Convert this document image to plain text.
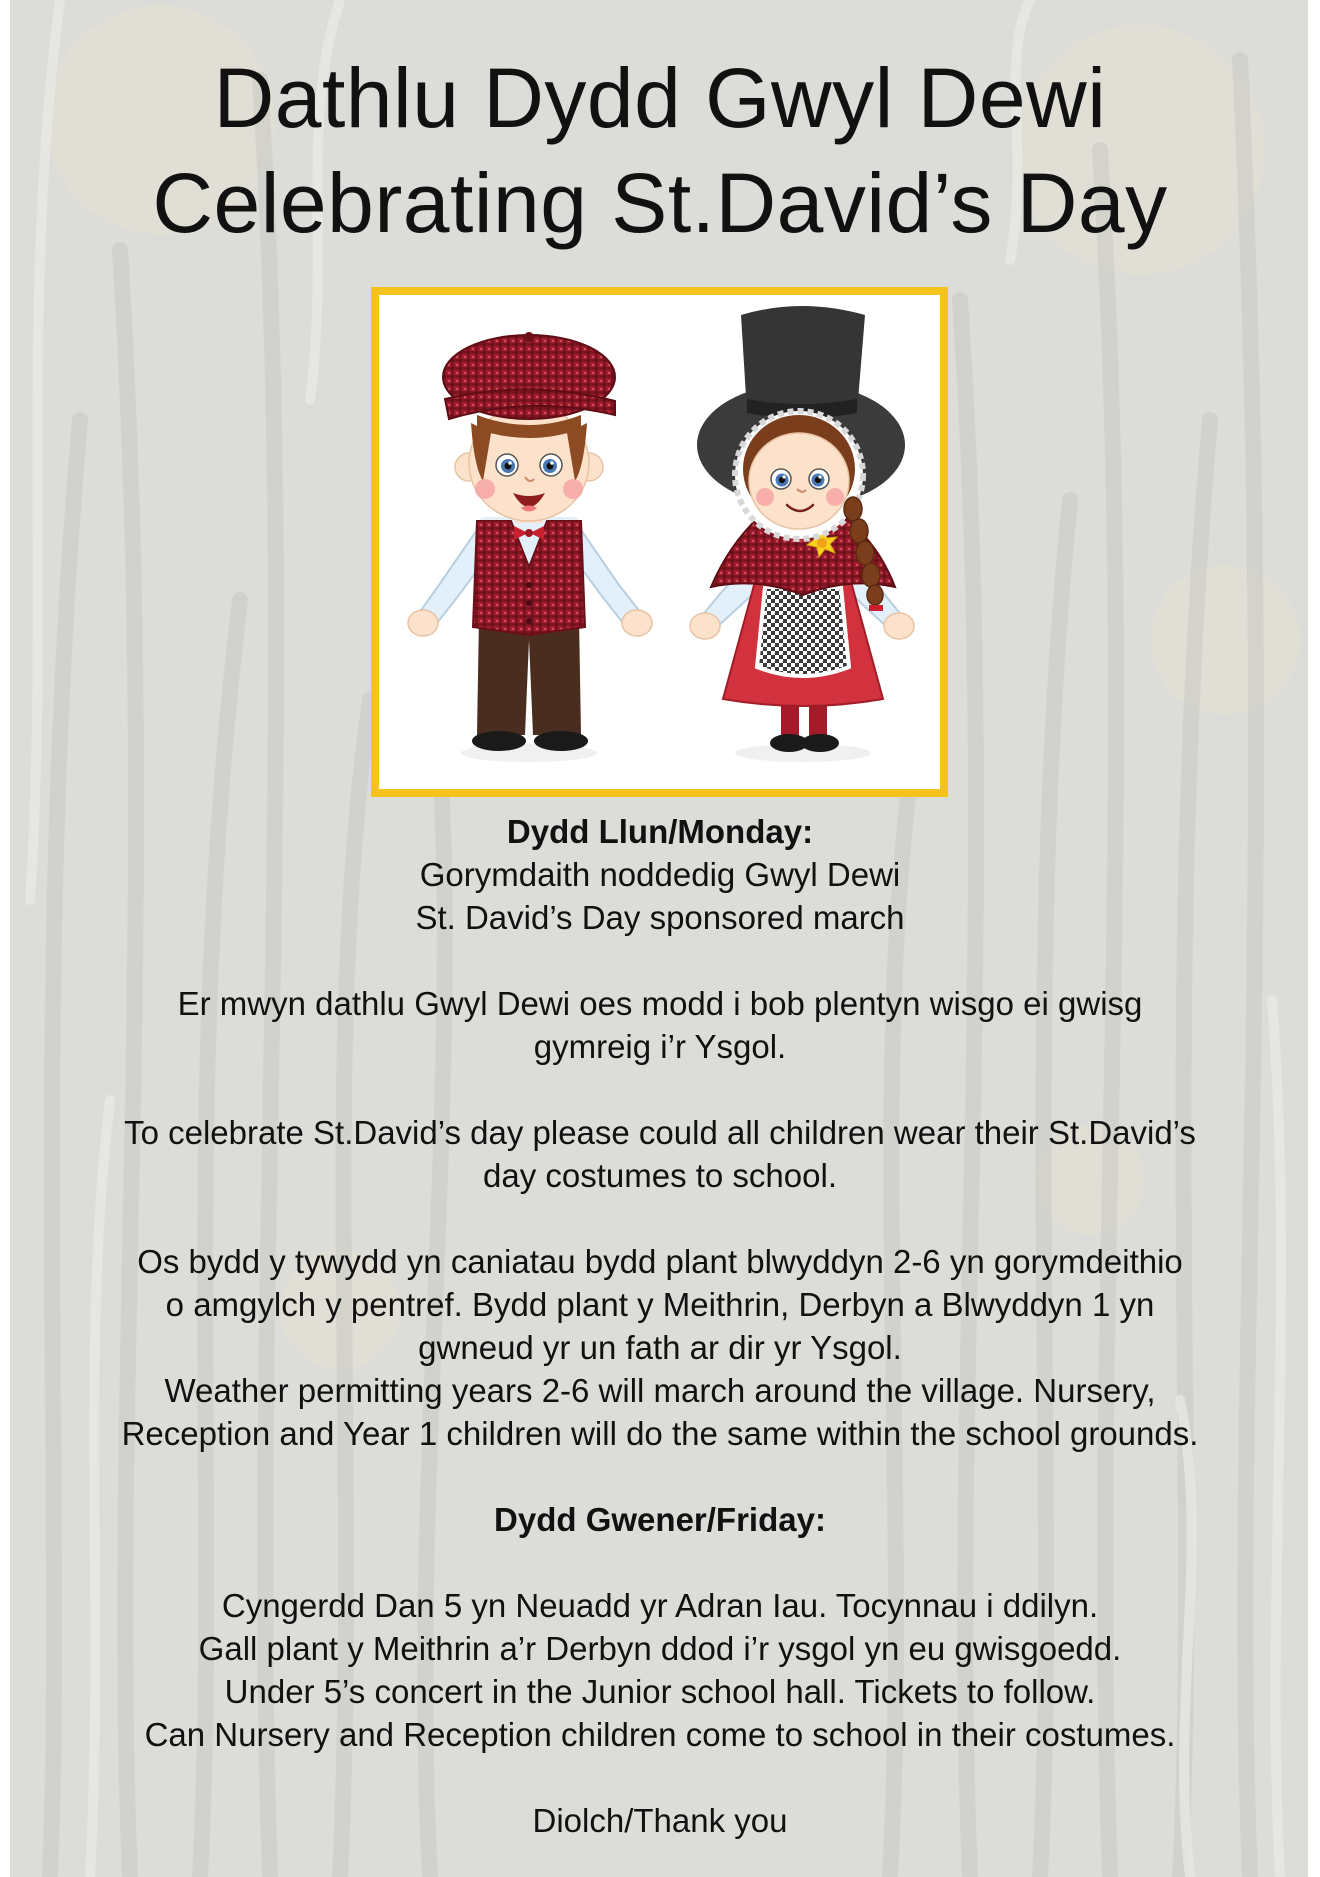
Dathlu Dydd Gwyl Dewi
Celebrating St.David’s Day
Dydd Llun/Monday:
Gorymdaith noddedig Gwyl Dewi
St. David’s Day sponsored march
Er mwyn dathlu Gwyl Dewi oes modd i bob plentyn wisgo ei gwisg
gymreig i’r Ysgol.
To celebrate St.David’s day please could all children wear their St.David’s
day costumes to school.
Os bydd y tywydd yn caniatau bydd plant blwyddyn 2-6 yn gorymdeithio
o amgylch y pentref. Bydd plant y Meithrin, Derbyn a Blwyddyn 1 yn
gwneud yr un fath ar dir yr Ysgol.
Weather permitting years 2-6 will march around the village. Nursery,
Reception and Year 1 children will do the same within the school grounds.
Dydd Gwener/Friday:
Cyngerdd Dan 5 yn Neuadd yr Adran Iau. Tocynnau i ddilyn.
Gall plant y Meithrin a’r Derbyn ddod i’r ysgol yn eu gwisgoedd.
Under 5’s concert in the Junior school hall. Tickets to follow.
Can Nursery and Reception children come to school in their costumes.
Diolch/Thank you
